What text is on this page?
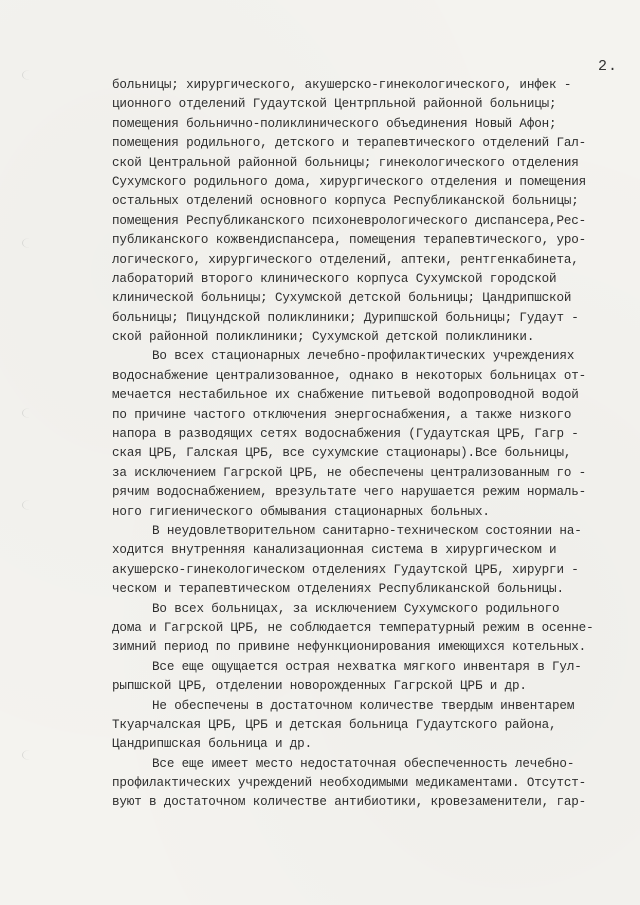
2.
больницы; хирургического, акушерско-гинекологического, инфек -
ционного отделений Гудаутской Центрпльной районной больницы;
помещения больнично-поликлинического объединения Новый Афон;
помещения родильного, детского и терапевтического отделений Гал-
ской Центральной районной больницы; гинекологического отделения
Сухумского родильного дома, хирургического отделения и помещения
остальных отделений основного корпуса Республиканской больницы;
помещения Республиканского психоневрологического диспансера,Рес-
публиканского кожвендиспансера, помещения терапевтического, уро-
логического, хирургического отделений, аптеки, рентгенкабинета,
лабораторий второго клинического корпуса Сухумской городской
клинической больницы; Сухумской детской больницы; Цандрипшской
больницы; Пицундской поликлиники; Дурипшской больницы; Гудаут -
ской районной поликлиники; Сухумской детской поликлиники.
Во всех стационарных лечебно-профилактических учреждениях
водоснабжение централизованное, однако в некоторых больницах от-
мечается нестабильное их снабжение питьевой водопроводной водой
по причине частого отключения энергоснабжения, а также низкого
напора в разводящих сетях водоснабжения (Гудаутская ЦРБ, Гагр -
ская ЦРБ, Галская ЦРБ, все сухумские стационары).Все больницы,
за исключением Гагрской ЦРБ, не обеспечены централизованным го -
рячим водоснабжением, врезультате чего нарушается режим нормаль-
ного гигиенического обмывания стационарных больных.
В неудовлетворительном санитарно-техническом состоянии на-
ходится внутренняя канализационная система в хирургическом и
акушерско-гинекологическом отделениях Гудаутской ЦРБ, хирурги -
ческом и терапевтическом отделениях Республиканской больницы.
Во всех больницах, за исключением Сухумского родильного
дома и Гагрской ЦРБ, не соблюдается температурный режим в осенне-
зимний период по привине нефункционирования имеющихся котельных.
Все еще ощущается острая нехватка мягкого инвентаря в Гул-
рыпшской ЦРБ, отделении новорожденных Гагрской ЦРБ и др.
Не обеспечены в достаточном количестве твердым инвентарем
Ткуарчалская ЦРБ, ЦРБ и детская больница Гудаутского района,
Цандрипшская больница и др.
Все еще имеет место недостаточная обеспеченность лечебно-
профилактических учреждений необходимыми медикаментами. Отсутст-
вуют в достаточном количестве антибиотики, кровезаменители, гар-
